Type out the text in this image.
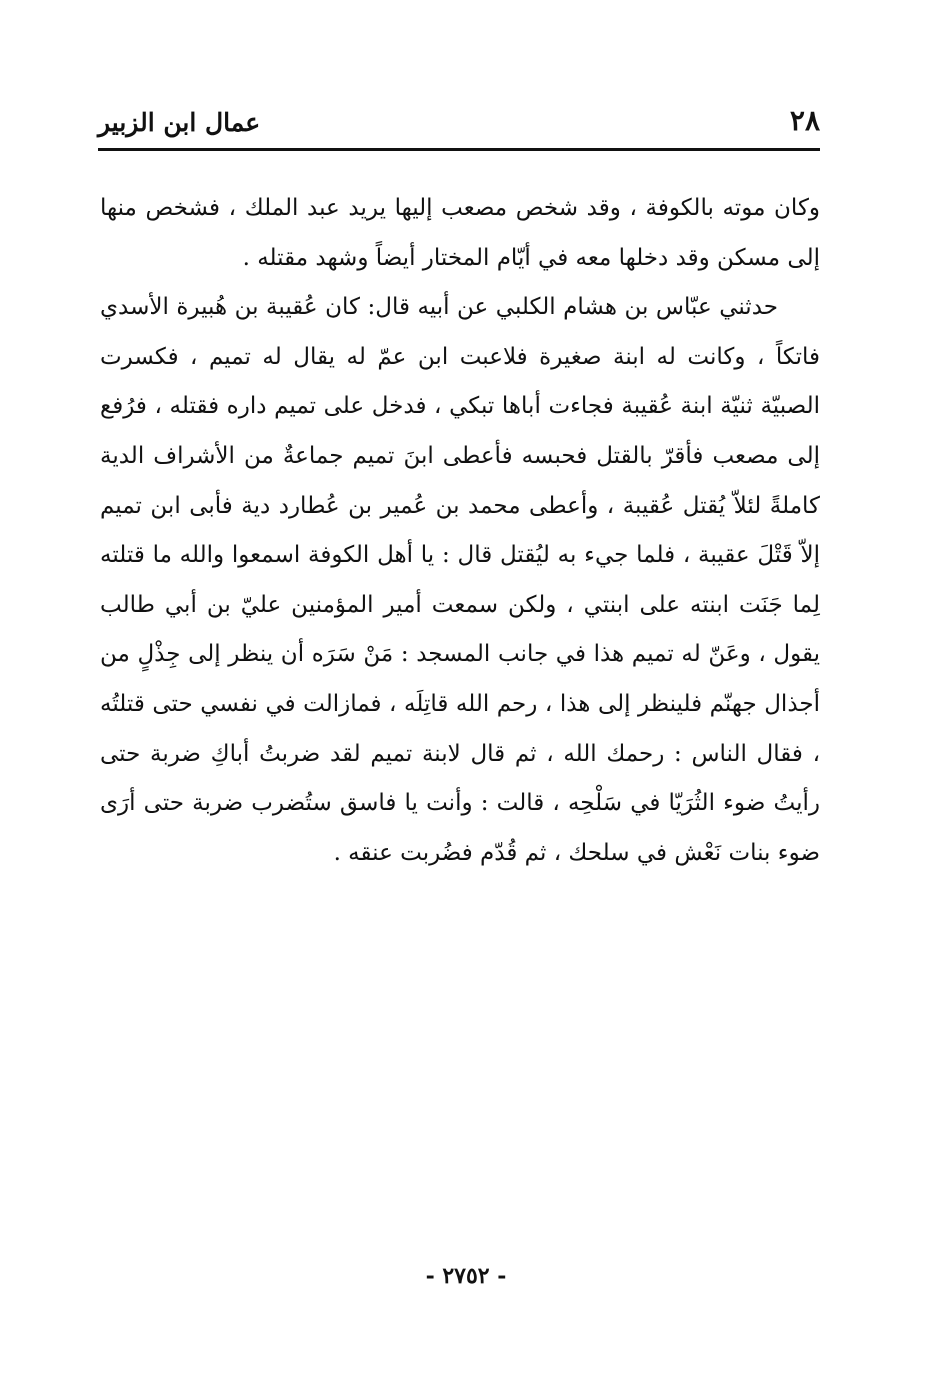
٢٨
عمال ابن الزبير

وكان موته بالكوفة ، وقد شخص مصعب إليها يريد عبد الملك ، فشخص منها إلى مسكن وقد دخلها معه في أيّام المختار أيضاً وشهد مقتله .

حدثني عبّاس بن هشام الكلبي عن أبيه قال: كان عُقيبة بن هُبيرة الأسدي فاتكاً ، وكانت له ابنة صغيرة فلاعبت ابن عمّ له يقال له تميم ، فكسرت الصبيّة ثنيّة ابنة عُقيبة فجاءت أباها تبكي ، فدخل على تميم داره فقتله ، فرُفع إلى مصعب فأقرّ بالقتل فحبسه فأعطى ابنَ تميم جماعةٌ من الأشراف الدية كاملةً لئلاّ يُقتل عُقيبة ، وأعطى محمد بن عُمير بن عُطارد دية فأبى ابن تميم إلاّ قَتْلَ عقيبة ، فلما جيء به ليُقتل قال : يا أهل الكوفة اسمعوا والله ما قتلته لِما جَنَت ابنته على ابنتي ، ولكن سمعت أمير المؤمنين عليّ بن أبي طالب يقول ، وعَنّ له تميم هذا في جانب المسجد : مَنْ سَرَه أن ينظر إلى جِذْلٍ من أجذال جهنّم فلينظر إلى هذا ، رحم الله قاتِلَه ، فمازالت في نفسي حتى قتلتُه ، فقال الناس : رحمك الله ، ثم قال لابنة تميم لقد ضربتُ أباكِ ضربة حتى رأيتُ ضوء الثُرَيّا في سَلْحِه ، قالت : وأنت يا فاسق ستُضرب ضربة حتى أرَى ضوء بنات نَعْش في سلحك ، ثم قُدّم فضُربت عنقه .

- ٢٧٥٢ -
